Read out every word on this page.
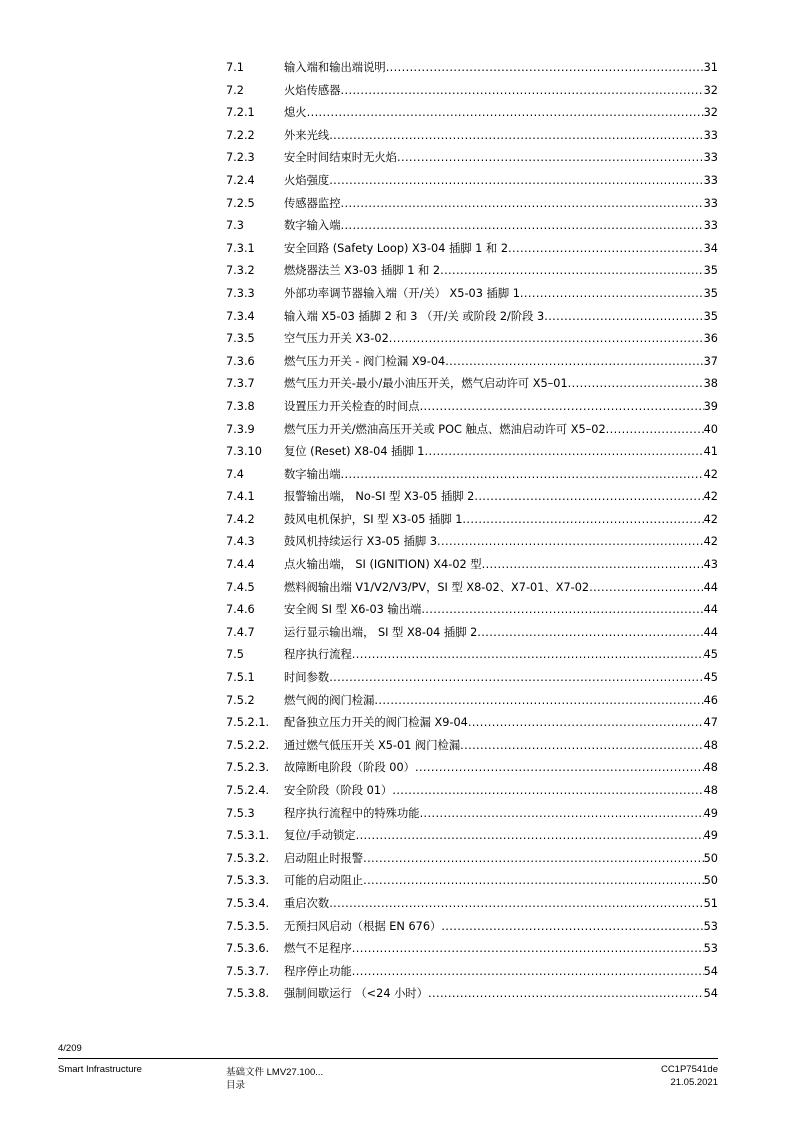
7.1	输入端和输出端说明 . . .	31
7.2	火焰传感器 . . .	32
7.2.1	熄火 . . .	32
7.2.2	外来光线 . . .	33
7.2.3	安全时间结束时无火焰 . . .	33
7.2.4	火焰强度 . . .	33
7.2.5	传感器监控 . . .	33
7.3	数字输入端 . . .	33
7.3.1	安全回路 (Safety Loop) X3-04 插脚 1 和 2 . . .	34
7.3.2	燃烧器法兰 X3-03 插脚 1 和 2 . . .	35
7.3.3	外部功率调节器输入端（开/关） X5-03 插脚 1 . . .	35
7.3.4	输入端 X5-03 插脚 2 和 3 （开/关 或阶段 2/阶段 3 . . .	35
7.3.5	空气压力开关 X3-02 . . .	36
7.3.6	燃气压力开关 - 阀门检漏 X9-04 . . .	37
7.3.7	燃气压力开关-最小/最小油压开关，燃气启动许可 X5–01 . . .	38
7.3.8	设置压力开关检查的时间点 . . .	39
7.3.9	燃气压力开关/燃油高压开关或 POC 触点、燃油启动许可 X5–02 . . .	40
7.3.10 复位 (Reset) X8-04 插脚 1 . . .	41
7.4	数字输出端 . . .	42
7.4.1	报警输出端， No-SI 型 X3-05 插脚 2 . . .	42
7.4.2	鼓风电机保护，SI 型 X3-05 插脚 1 . . .	42
7.4.3	鼓风机持续运行 X3-05 插脚 3 . . .	42
7.4.4	点火输出端， SI (IGNITION) X4-02 型 . . .	43
7.4.5	燃料阀输出端 V1/V2/V3/PV，SI 型 X8-02、X7-01、X7-02 . . .	44
7.4.6	安全阀 SI 型 X6-03 输出端 . . .	44
7.4.7	运行显示输出端， SI 型 X8-04 插脚 2 . . .	44
7.5	程序执行流程 . . .	45
7.5.1	时间参数 . . .	45
7.5.2	燃气阀的阀门检漏 . . .	46
7.5.2.1. 配备独立压力开关的阀门检漏 X9-04 . . .	47
7.5.2.2. 通过燃气低压开关 X5-01 阀门检漏 . . .	48
7.5.2.3. 故障断电阶段（阶段 00） . . .	48
7.5.2.4. 安全阶段（阶段 01） . . .	48
7.5.3	程序执行流程中的特殊功能 . . .	49
7.5.3.1. 复位/手动锁定 . . .	49
7.5.3.2. 启动阻止时报警 . . .	50
7.5.3.3. 可能的启动阻止 . . .	50
7.5.3.4. 重启次数 . . .	51
7.5.3.5. 无预扫风启动（根据 EN 676） . . .	53
7.5.3.6. 燃气不足程序 . . .	53
7.5.3.7. 程序停止功能 . . .	54
7.5.3.8. 强制间歇运行 （<24 小时） . . .	54
4/209
Smart Infrastructure	基础文件 LMV27.100...
目录
CC1P7541de
21.05.2021
